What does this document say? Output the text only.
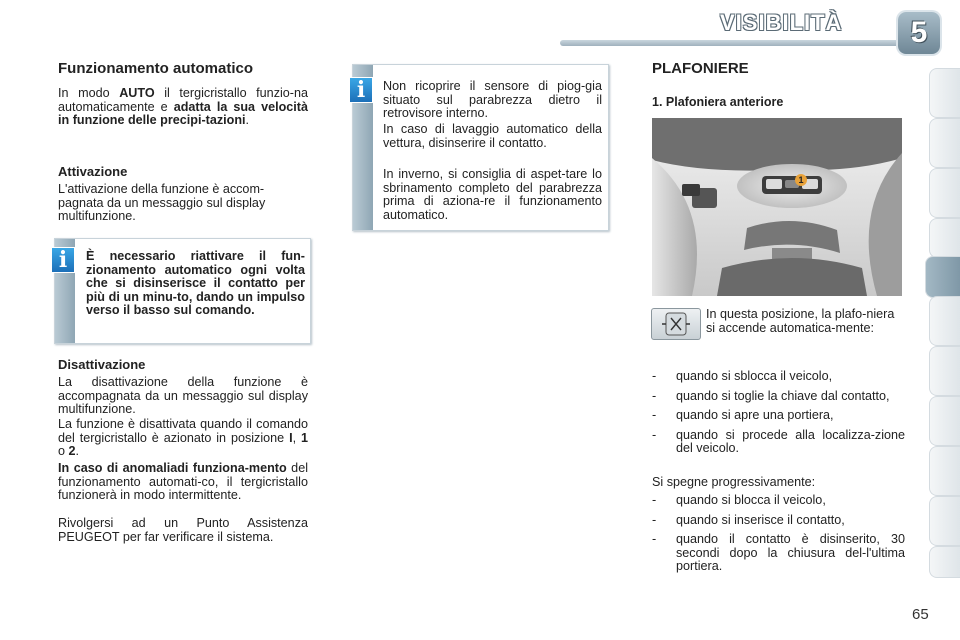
VISIBILITÀ	5
Funzionamento automatico

In modo AUTO il tergicristallo funzio-na automaticamente e adatta la sua velocità in funzione delle precipi-tazioni.

Attivazione

L'attivazione della funzione è accom-pagnata da un messaggio sul display multifunzione.

i	È necessario riattivare il fun-zionamento automatico ogni volta che si disinserisce il contatto per più di un minu-to, dando un impulso verso il basso sul comando.

Disattivazione

La disattivazione della funzione è accompagnata da un messaggio sul display multifunzione.

La funzione è disattivata quando il comando del tergicristallo è azionato in posizione I, 1 o 2.

In caso di anomaliadi funziona-mento del funzionamento automati-co, il tergicristallo funzionerà in modo intermittente.

Rivolgersi ad un Punto Assistenza PEUGEOT per far verificare il sistema.

i	Non ricoprire il sensore di piog-gia situato sul parabrezza dietro il retrovisore interno.

In caso di lavaggio automatico della vettura, disinserire il contatto.

In inverno, si consiglia di aspet-tare lo sbrinamento completo del parabrezza prima di aziona-re il funzionamento automatico.

PLAFONIERE
1. Plafoniera anteriore
1

In questa posizione, la plafo-niera si accende automatica-mente:

- quando si sblocca il veicolo,
- quando si toglie la chiave dal contatto,
- quando si apre una portiera,
- quando si procede alla localizza-zione del veicolo.

Si spegne progressivamente:

- quando si blocca il veicolo,
- quando si inserisce il contatto,
- quando il contatto è disinserito, 30 secondi dopo la chiusura del-l'ultima portiera.
65
